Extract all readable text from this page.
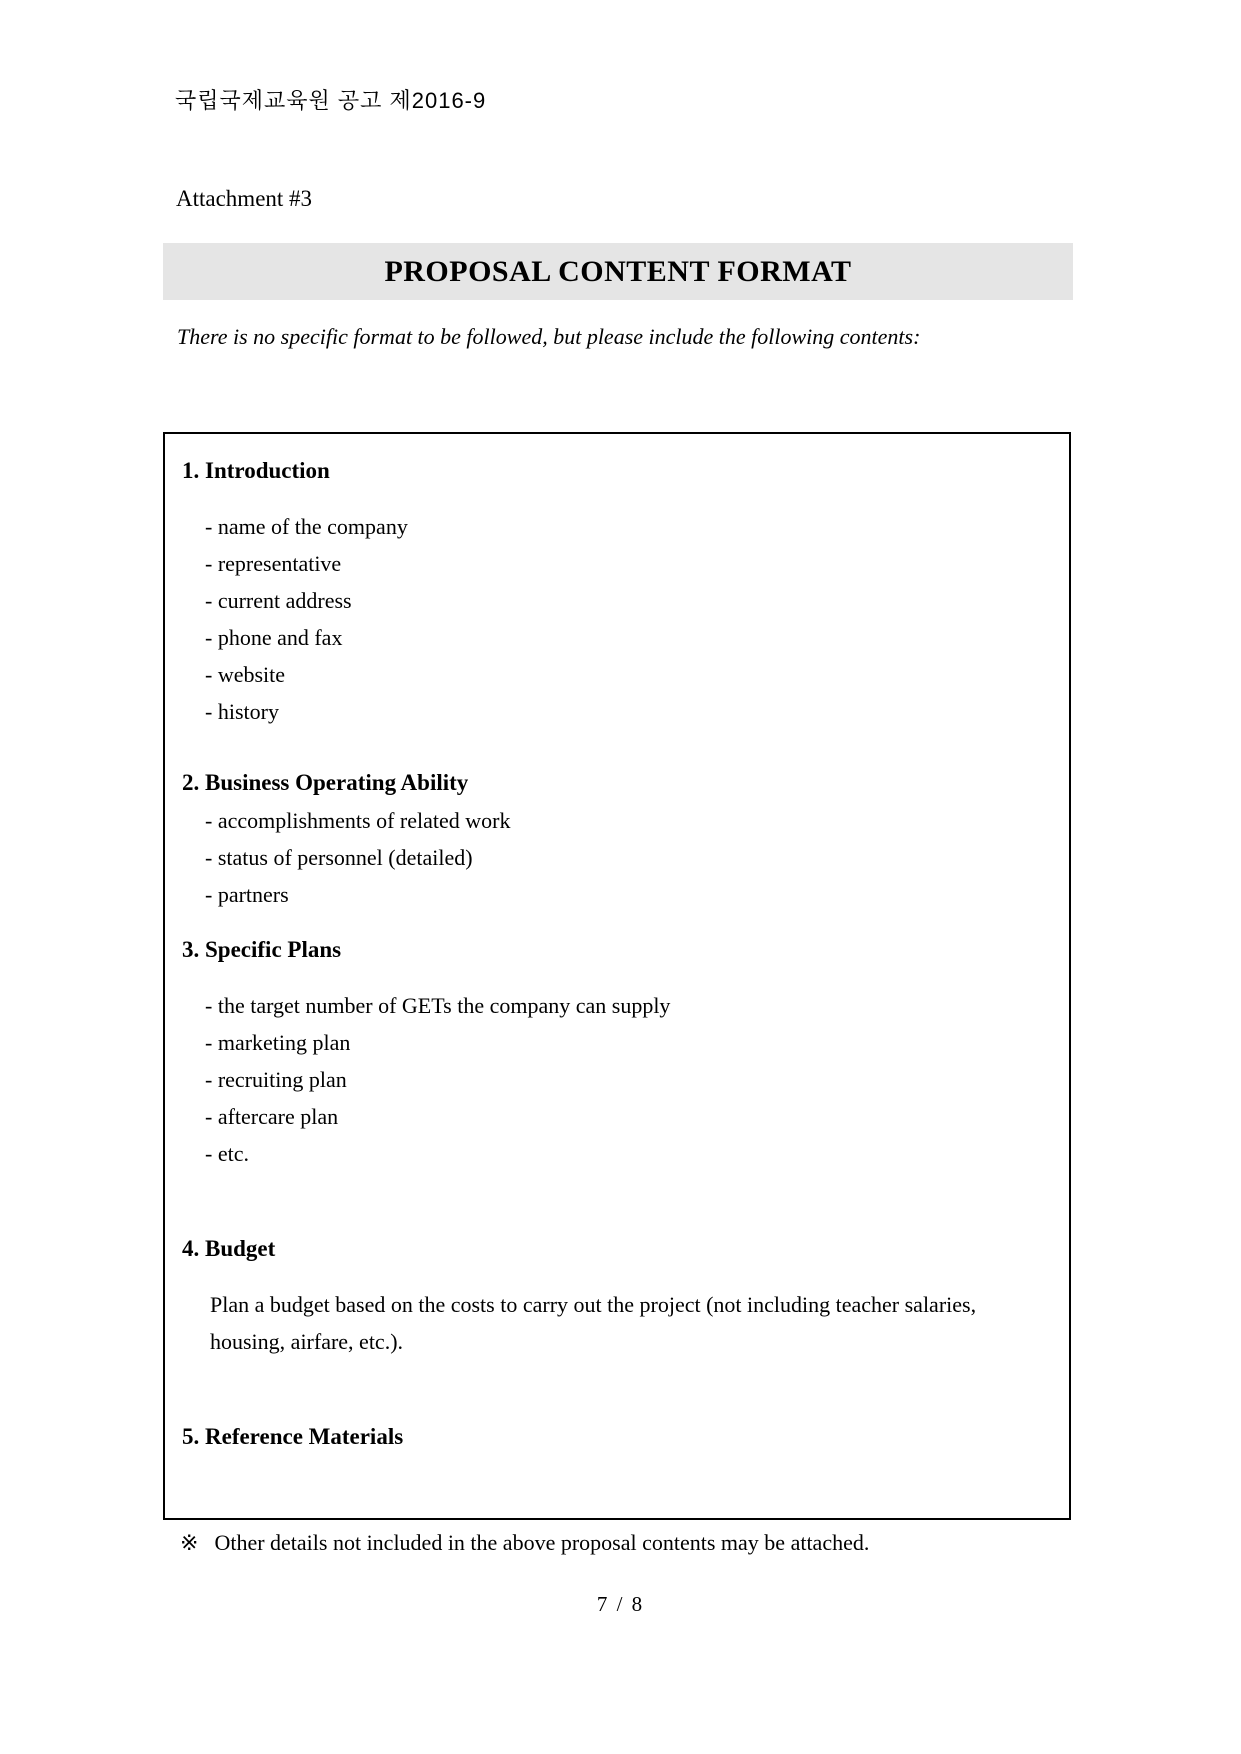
국립국제교육원 공고 제2016-9
Attachment #3
PROPOSAL CONTENT FORMAT
There is no specific format to be followed, but please include the following contents:
1. Introduction
- name of the company
- representative
- current address
- phone and fax
- website
- history
2. Business Operating Ability
- accomplishments of related work
- status of personnel (detailed)
- partners
3. Specific Plans
- the target number of GETs the company can supply
- marketing plan
- recruiting plan
- aftercare plan
- etc.
4. Budget
Plan a budget based on the costs to carry out the project (not including teacher salaries, housing, airfare, etc.).
5. Reference Materials
※ Other details not included in the above proposal contents may be attached.
7 / 8
